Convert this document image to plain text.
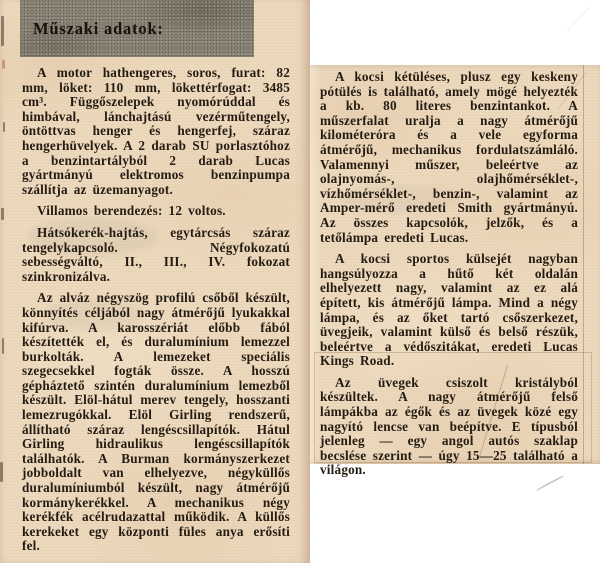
Műszaki adatok:

A motor hathengeres, soros, furat: 82 mm, löket: 110 mm, lökettérfogat: 3485 cm³. Függőszelepek nyomórúddal és himbával, lánchajtású vezérműtengely, öntöttvas henger és hengerfej, száraz hengerhüvelyek. A 2 darab SU porlasztóhoz a benzintartályból 2 darab Lucas gyártmányú elektromos benzinpumpa szállítja az üzemanyagot.

Villamos berendezés: 12 voltos.

Hátsókerék-hajtás, egytárcsás száraz tengelykapcsoló. Négyfokozatú sebességváltó, II., III., IV. fokozat szinkronizálva.

Az alváz négyszög profilú csőből készült, könnyítés céljából nagy átmérőjű lyukakkal kifúrva. A karosszériát előbb fából készítették el, és duralumínium lemezzel burkolták. A lemezeket speciális szegecsekkel fogták össze. A hosszú gépháztető szintén duralumínium lemezből készült. Elöl-hátul merev tengely, hosszanti lemezrugókkal. Elöl Girling rendszerű, állítható száraz lengéscsillapítók. Hátul Girling hidraulikus lengéscsillapítók találhatók. A Burman kormányszerkezet jobboldalt van elhelyezve, négyküllős duralumíniumból készült, nagy átmérőjű kormánykerékkel. A mechanikus négy kerékfék acélrudazattal működik. A küllős kerekeket egy központi füles anya erősíti fel.

A kocsi kétüléses, plusz egy keskeny pótülés is található, amely mögé helyezték a kb. 80 literes benzintankot. A műszerfalat uralja a nagy átmérőjű kilométeróra és a vele egyforma átmérőjű, mechanikus fordulatszámláló. Valamennyi műszer, beleértve az olajnyomás-, olajhőmérséklet-, vízhőmérséklet-, benzin-, valamint az Amper-mérő eredeti Smith gyártmányú. Az összes kapcsolók, jelzők, és a tetőlámpa eredeti Lucas.

A kocsi sportos külsejét nagyban hangsúlyozza a hűtő két oldalán elhelyezett nagy, valamint az ez alá épített, kis átmérőjű lámpa. Mind a négy lámpa, és az őket tartó csőszerkezet, üvegjeik, valamint külső és belső részük, beleértve a védőszitákat, eredeti Lucas Kings Road.

Az üvegek csiszolt kristályból készültek. A nagy átmérőjű felső lámpákba az égők és az üvegek közé egy nagyító lencse van beépítve. E típusból jelenleg — egy angol autós szaklap becslése szerint — úgy 15—25 található a világon.
